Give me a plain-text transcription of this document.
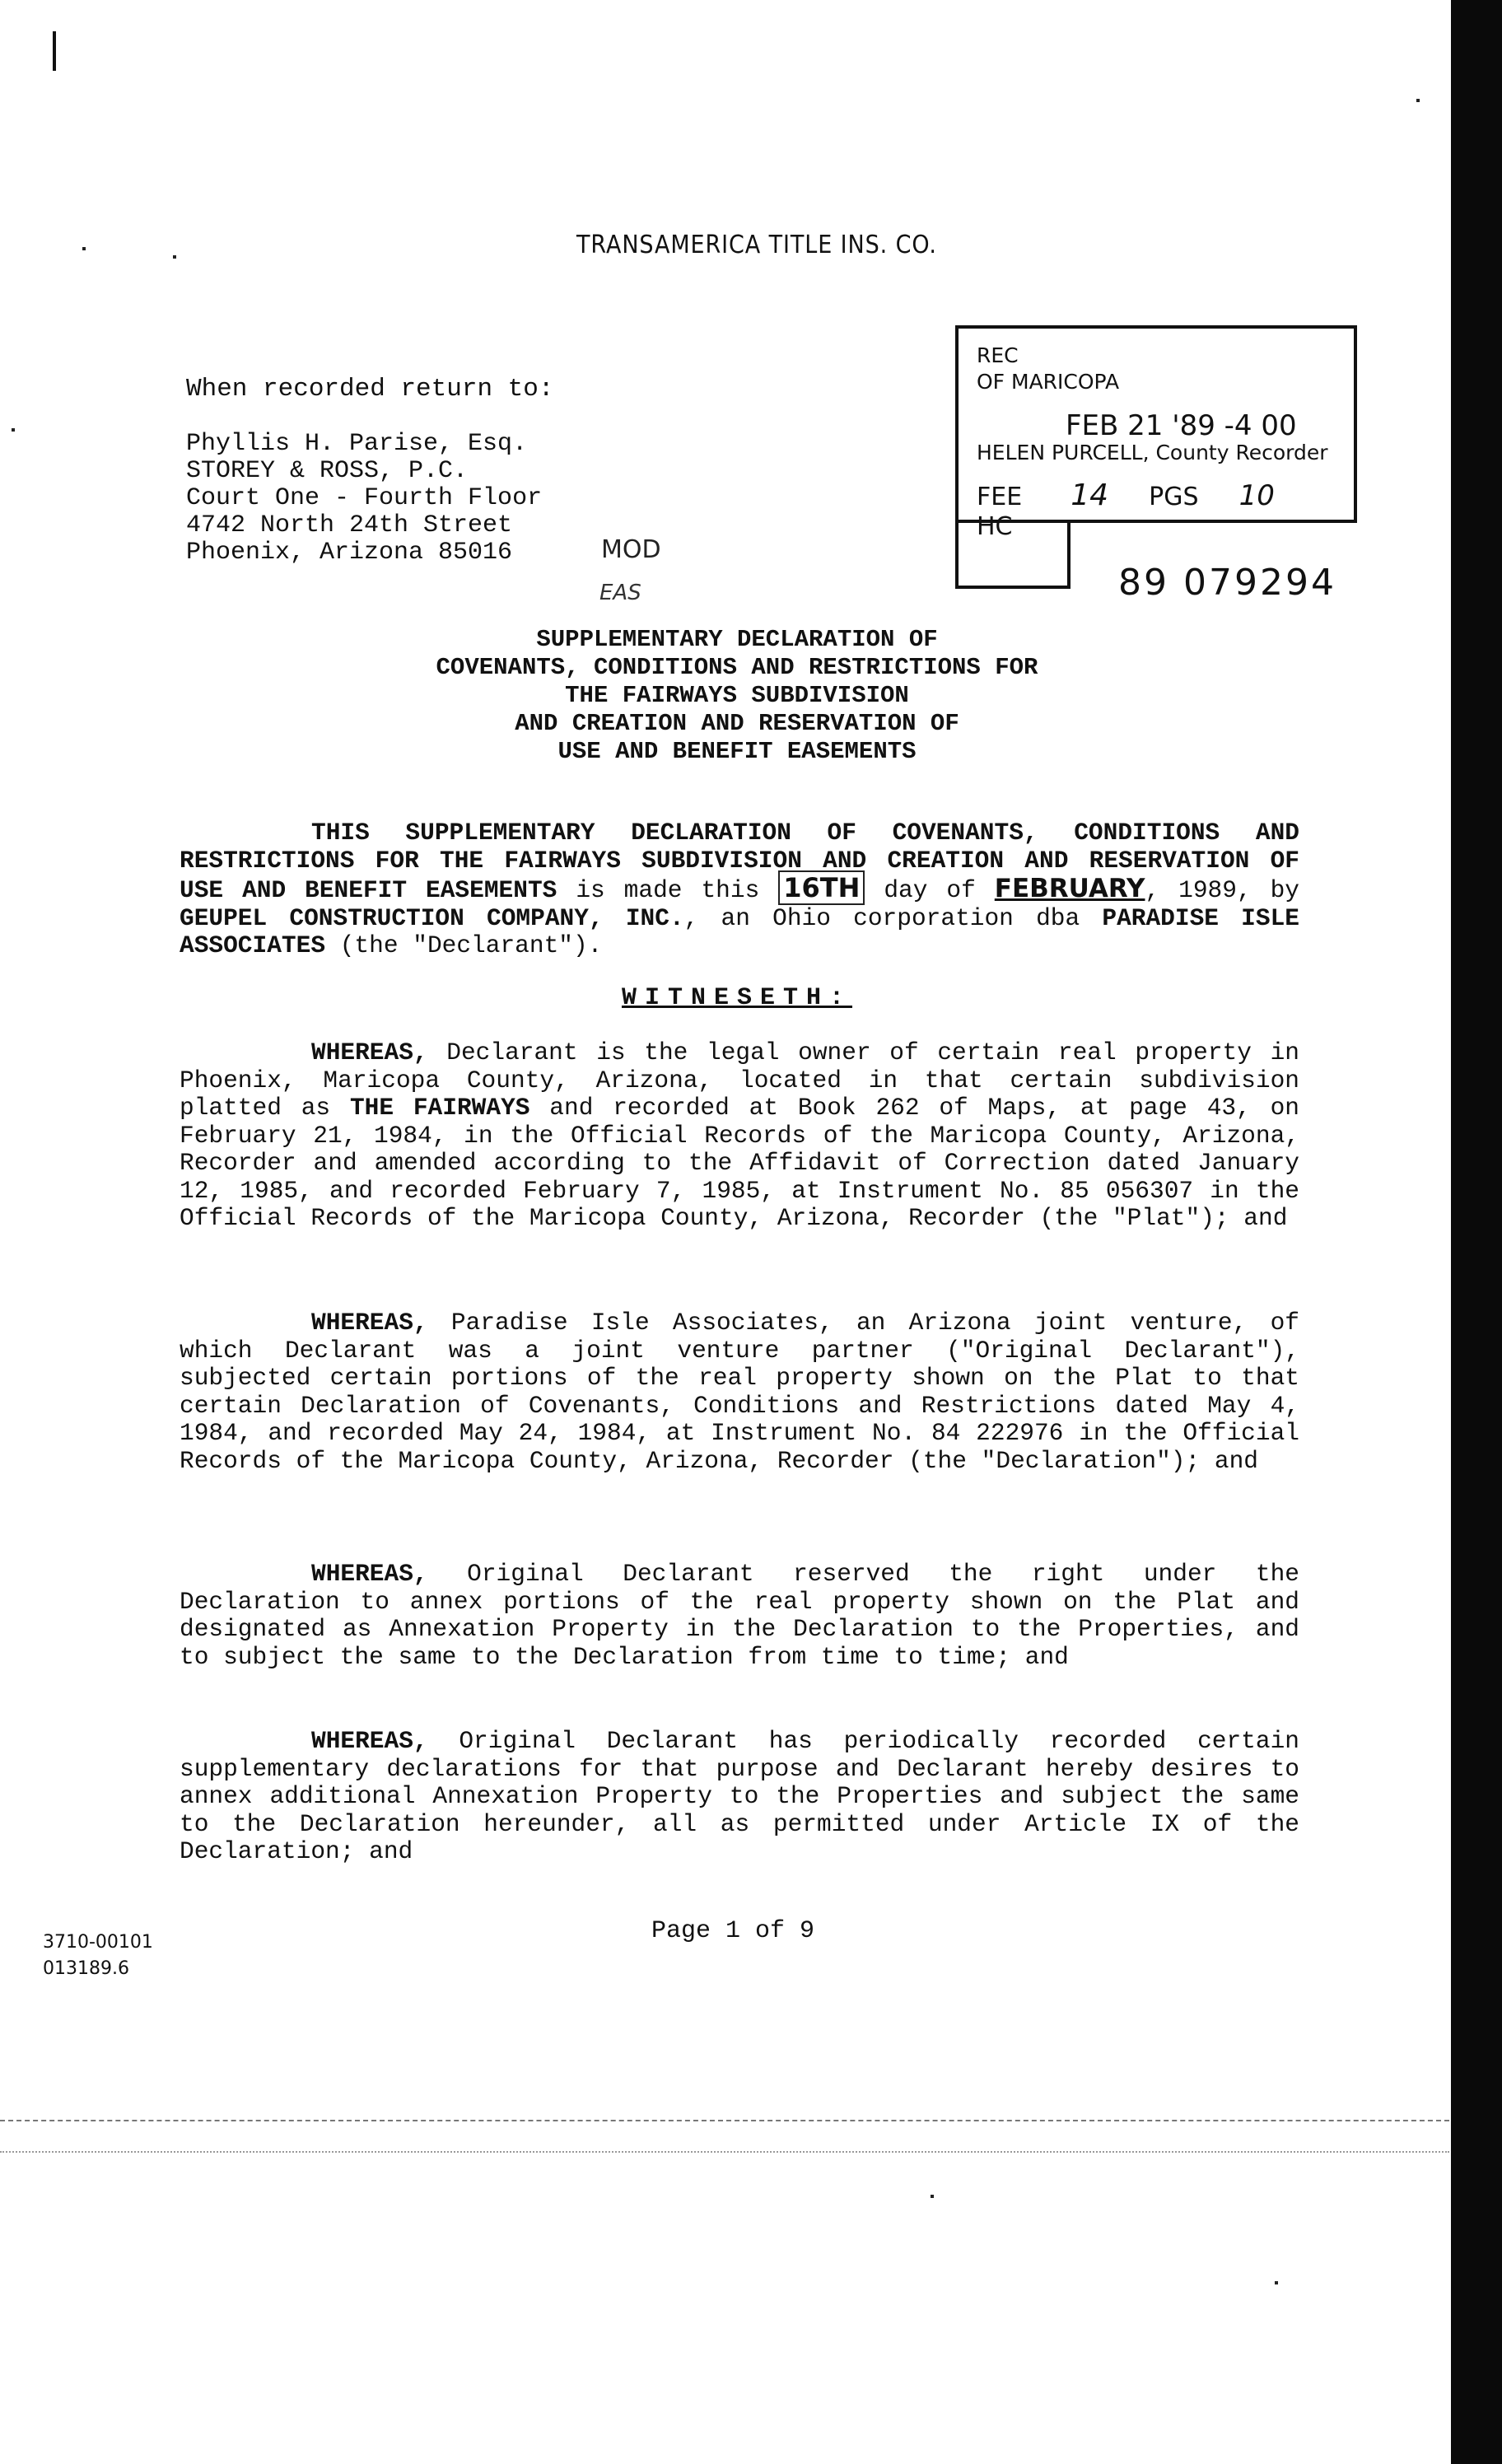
TRANSAMERICA TITLE INS. CO.
When recorded return to:
Phyllis H. Parise, Esq.
STOREY & ROSS, P.C.
Court One - Fourth Floor
4742 North 24th Street
Phoenix, Arizona 85016	MOD
EAS
REC
OF MARICOPA
FEB 21 '89 -4 00
HELEN PURCELL, County Recorder
FEE 14 PGS 10  HC
89 079294
SUPPLEMENTARY DECLARATION OF
COVENANTS, CONDITIONS AND RESTRICTIONS FOR
THE FAIRWAYS SUBDIVISION
AND CREATION AND RESERVATION OF
USE AND BENEFIT EASEMENTS
THIS SUPPLEMENTARY DECLARATION OF COVENANTS, CONDITIONS AND RESTRICTIONS FOR THE FAIRWAYS SUBDIVISION AND CREATION AND RESERVATION OF USE AND BENEFIT EASEMENTS is made this 16TH day of FEBRUARY, 1989, by GEUPEL CONSTRUCTION COMPANY, INC., an Ohio corporation dba PARADISE ISLE ASSOCIATES (the "Declarant").
WITNESETH:
WHEREAS, Declarant is the legal owner of certain real property in Phoenix, Maricopa County, Arizona, located in that certain subdivision platted as THE FAIRWAYS and recorded at Book 262 of Maps, at page 43, on February 21, 1984, in the Official Records of the Maricopa County, Arizona, Recorder and amended according to the Affidavit of Correction dated January 12, 1985, and recorded February 7, 1985, at Instrument No. 85 056307 in the Official Records of the Maricopa County, Arizona, Recorder (the "Plat"); and
WHEREAS, Paradise Isle Associates, an Arizona joint venture, of which Declarant was a joint venture partner ("Original Declarant"), subjected certain portions of the real property shown on the Plat to that certain Declaration of Covenants, Conditions and Restrictions dated May 4, 1984, and recorded May 24, 1984, at Instrument No. 84 222976 in the Official Records of the Maricopa County, Arizona, Recorder (the "Declaration"); and
WHEREAS, Original Declarant reserved the right under the Declaration to annex portions of the real property shown on the Plat and designated as Annexation Property in the Declaration to the Properties, and to subject the same to the Declaration from time to time; and
WHEREAS, Original Declarant has periodically recorded certain supplementary declarations for that purpose and Declarant hereby desires to annex additional Annexation Property to the Properties and subject the same to the Declaration hereunder, all as permitted under Article IX of the Declaration; and
Page 1 of 9
3710-00101
013189.6
